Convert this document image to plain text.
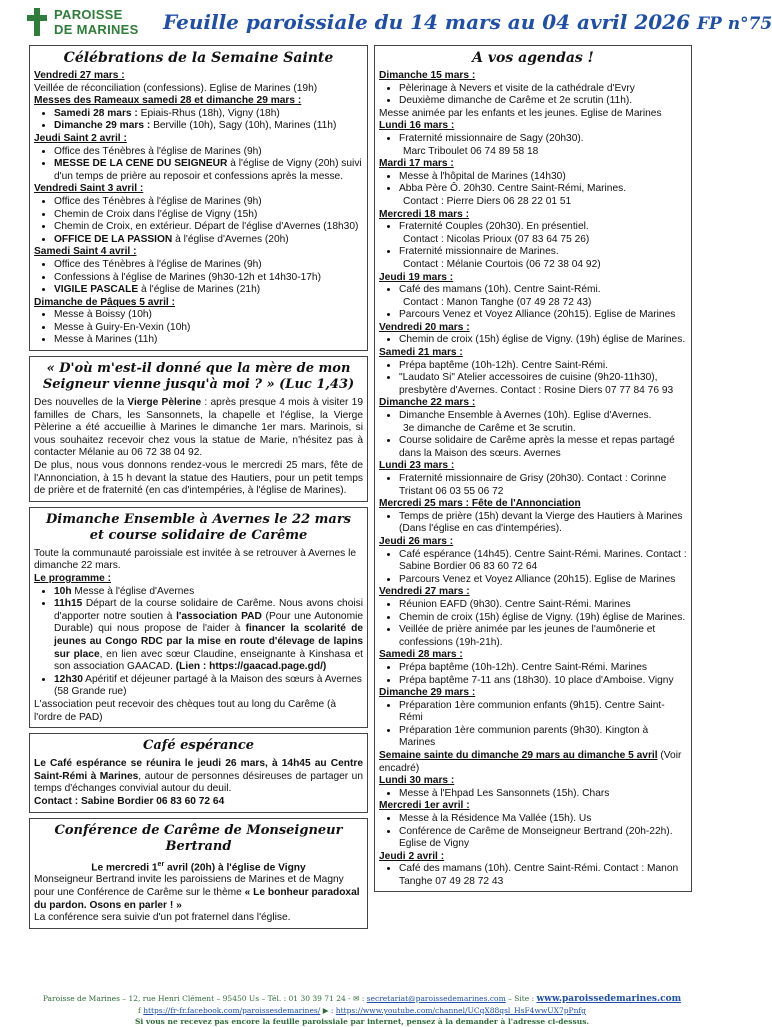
PAROISSE
DE MARINES Feuille paroissiale du 14 mars au 04 avril 2026 FP n°75
Célébrations de la Semaine Sainte
Vendredi 27 mars :
Veillée de réconciliation (confessions). Eglise de Marines (19h)
Messes des Rameaux samedi 28 et dimanche 29 mars :
• Samedi 28 mars : Epiais-Rhus (18h), Vigny (18h)
• Dimanche 29 mars : Berville (10h), Sagy (10h), Marines (11h)
Jeudi Saint 2 avril :
• Office des Ténèbres à l'église de Marines (9h)
• MESSE DE LA CENE DU SEIGNEUR à l'église de Vigny (20h) suivi d'un temps de prière au reposoir et confessions après la messe.
Vendredi Saint 3 avril :
• Office des Ténèbres à l'église de Marines (9h)
• Chemin de Croix dans l'église de Vigny (15h)
• Chemin de Croix, en extérieur. Départ de l'église d'Avernes (18h30)
• OFFICE DE LA PASSION à l'église d'Avernes (20h)
Samedi Saint 4 avril :
• Office des Ténèbres à l'église de Marines (9h)
• Confessions à l'église de Marines (9h30-12h et 14h30-17h)
• VIGILE PASCALE à l'église de Marines (21h)
Dimanche de Pâques 5 avril :
• Messe à Boissy (10h)
• Messe à Guiry-En-Vexin (10h)
• Messe à Marines (11h)
« D'où m'est-il donné que la mère de mon Seigneur vienne jusqu'à moi ? » (Luc 1,43)
Des nouvelles de la Vierge Pèlerine : après presque 4 mois à visiter 19 familles de Chars, les Sansonnets, la chapelle et l'église, la Vierge Pèlerine a été accueillie à Marines le dimanche 1er mars. Marinois, si vous souhaitez recevoir chez vous la statue de Marie, n'hésitez pas à contacter Mélanie au 06 72 38 04 92.
De plus, nous vous donnons rendez-vous le mercredi 25 mars, fête de l'Annonciation, à 15 h devant la statue des Hautiers, pour un petit temps de prière et de fraternité (en cas d'intempéries, à l'église de Marines).
Dimanche Ensemble à Avernes le 22 mars
et course solidaire de Carême
Toute la communauté paroissiale est invitée à se retrouver à Avernes le dimanche 22 mars.
Le programme :
• 10h Messe à l'église d'Avernes
• 11h15 Départ de la course solidaire de Carême. Nous avons choisi d'apporter notre soutien à l'association PAD (Pour une Autonomie Durable) qui nous propose de l'aider à financer la scolarité de jeunes au Congo RDC par la mise en route d'élevage de lapins sur place, en lien avec sœur Claudine, enseignante à Kinshasa et son association GAACAD. (Lien : https://gaacad.page.gd/)
• 12h30 Apéritif et déjeuner partagé à la Maison des sœurs à Avernes (58 Grande rue)
L'association peut recevoir des chèques tout au long du Carême (à l'ordre de PAD)
Café espérance
Le Café espérance se réunira le jeudi 26 mars, à 14h45 au Centre Saint-Rémi à Marines, autour de personnes désireuses de partager un temps d'échanges convivial autour du deuil.
Contact : Sabine Bordier 06 83 60 72 64
Conférence de Carême de Monseigneur Bertrand
Le mercredi 1er avril (20h) à l'église de Vigny
Monseigneur Bertrand invite les paroissiens de Marines et de Magny pour une Conférence de Carême sur le thème « Le bonheur paradoxal du pardon. Osons en parler ! »
La conférence sera suivie d'un pot fraternel dans l'église.
A vos agendas !
Dimanche 15 mars :
• Pèlerinage à Nevers et visite de la cathédrale d'Evry
• Deuxième dimanche de Carême et 2e scrutin (11h).
Messe animée par les enfants et les jeunes. Eglise de Marines
Lundi 16 mars :
• Fraternité missionnaire de Sagy (20h30).
Marc Triboulet 06 74 89 58 18
Mardi 17 mars :
• Messe à l'hôpital de Marines (14h30)
• Abba Père Ô. 20h30. Centre Saint-Rémi, Marines.
Contact : Pierre Diers 06 28 22 01 51
Mercredi 18 mars :
• Fraternité Couples (20h30). En présentiel.
Contact : Nicolas Prioux (07 83 64 75 26)
• Fraternité missionnaire de Marines.
Contact : Mélanie Courtois (06 72 38 04 92)
Jeudi 19 mars :
• Café des mamans (10h). Centre Saint-Rémi.
Contact : Manon Tanghe (07 49 28 72 43)
• Parcours Venez et Voyez Alliance (20h15). Eglise de Marines
Vendredi 20 mars :
• Chemin de croix (15h) église de Vigny. (19h) église de Marines.
Samedi 21 mars :
• Prépa baptême (10h-12h). Centre Saint-Rémi.
• "Laudato Si" Atelier accessoires de cuisine (9h20-11h30), presbytère d'Avernes. Contact : Rosine Diers 07 77 84 76 93
Dimanche 22 mars :
• Dimanche Ensemble à Avernes (10h). Eglise d'Avernes.
3e dimanche de Carême et 3e scrutin.
• Course solidaire de Carême après la messe et repas partagé dans la Maison des sœurs. Avernes
Lundi 23 mars :
• Fraternité missionnaire de Grisy (20h30). Contact : Corinne Tristant 06 03 55 06 72
Mercredi 25 mars : Fête de l'Annonciation
• Temps de prière (15h) devant la Vierge des Hautiers à Marines (Dans l'église en cas d'intempéries).
Jeudi 26 mars :
• Café espérance (14h45). Centre Saint-Rémi. Marines. Contact : Sabine Bordier 06 83 60 72 64
• Parcours Venez et Voyez Alliance (20h15). Eglise de Marines
Vendredi 27 mars :
• Réunion EAFD (9h30). Centre Saint-Rémi. Marines
• Chemin de croix (15h) église de Vigny. (19h) église de Marines.
• Veillée de prière animée par les jeunes de l'aumônerie et confessions (19h-21h).
Samedi 28 mars :
• Prépa baptême (10h-12h). Centre Saint-Rémi. Marines
• Prépa baptême 7-11 ans (18h30). 10 place d'Amboise. Vigny
Dimanche 29 mars :
• Préparation 1ère communion enfants (9h15). Centre Saint-Rémi
• Préparation 1ère communion parents (9h30). Kington à Marines
Semaine sainte du dimanche 29 mars au dimanche 5 avril (Voir encadré)
Lundi 30 mars :
• Messe à l'Ehpad Les Sansonnets (15h). Chars
Mercredi 1er avril :
• Messe à la Résidence Ma Vallée (15h). Us
• Conférence de Carême de Monseigneur Bertrand (20h-22h). Eglise de Vigny
Jeudi 2 avril :
• Café des mamans (10h). Centre Saint-Rémi. Contact : Manon Tanghe 07 49 28 72 43
Paroisse de Marines – 12, rue Henri Clément – 95450 Us – Tél. : 01 30 39 71 24 - ✉ : secretariat@paroissedemarines.com – Site : www.paroissedemarines.com
f https://fr-fr.facebook.com/paroissesdemarines/ ▶ : https://www.youtube.com/channel/UCqX88qsl_HsF4wwUX7pPnfg
Si vous ne recevez pas encore la feuille paroissiale par internet, pensez à la demander à l'adresse ci-dessus.
